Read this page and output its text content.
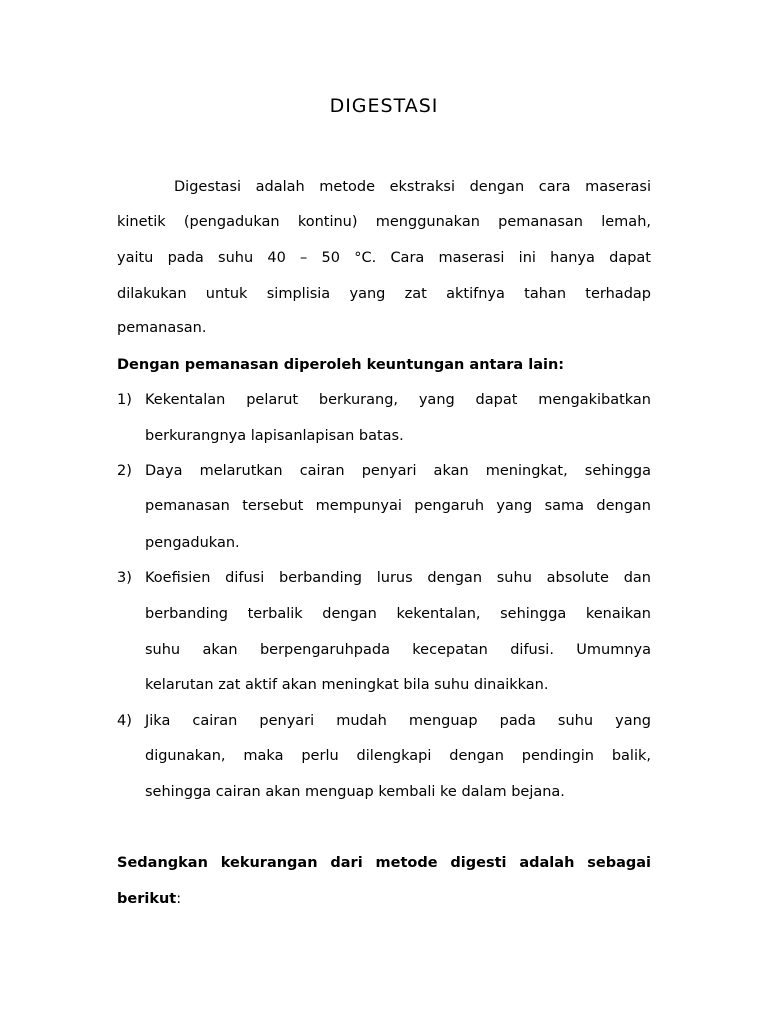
DIGESTASI
Digestasi adalah metode ekstraksi dengan cara maserasi
kinetik (pengadukan kontinu) menggunakan pemanasan lemah,
yaitu pada suhu 40 – 50 °C. Cara maserasi ini hanya dapat
dilakukan untuk simplisia yang zat aktifnya tahan terhadap
pemanasan.
Dengan pemanasan diperoleh keuntungan antara lain:
1) Kekentalan pelarut berkurang, yang dapat mengakibatkan
berkurangnya lapisanlapisan batas.
2) Daya melarutkan cairan penyari akan meningkat, sehingga
pemanasan tersebut mempunyai pengaruh yang sama dengan
pengadukan.
3) Koefisien difusi berbanding lurus dengan suhu absolute dan
berbanding terbalik dengan kekentalan, sehingga kenaikan
suhu akan berpengaruhpada kecepatan difusi. Umumnya
kelarutan zat aktif akan meningkat bila suhu dinaikkan.
4) Jika cairan penyari mudah menguap pada suhu yang
digunakan, maka perlu dilengkapi dengan pendingin balik,
sehingga cairan akan menguap kembali ke dalam bejana.
Sedangkan kekurangan dari metode digesti adalah sebagai
berikut:
